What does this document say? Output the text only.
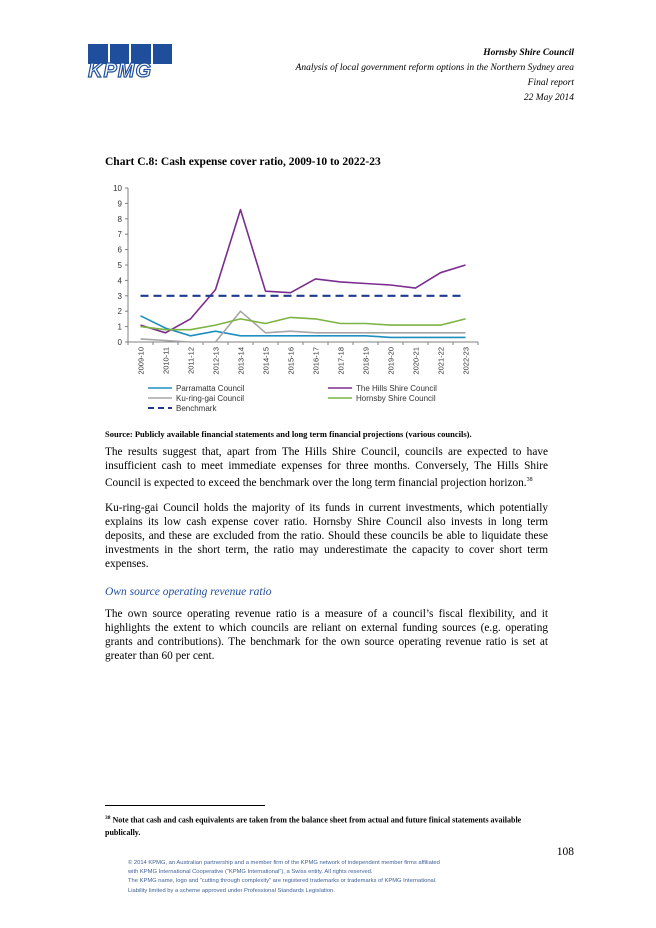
KPMG
Hornsby Shire Council
Analysis of local government reform options in the Northern Sydney area
Final report
22 May 2014
Chart C.8: Cash expense cover ratio, 2009-10 to 2022-23
0
1
2
3
4
5
6
7
8
9
10
2009-10 2010-11 2011-12 2012-13 2013-14 2014-15 2015-16 2016-17 2017-18 2018-19 2019-20 2020-21 2021-22 2022-23
Parramatta Council	The Hills Shire Council
Ku-ring-gai Council	Hornsby Shire Council
Benchmark
Source: Publicly available financial statements and long term financial projections (various councils).

The results suggest that, apart from The Hills Shire Council, councils are expected to have insufficient cash to meet immediate expenses for three months. Conversely, The Hills Shire Council is expected to exceed the benchmark over the long term financial projection horizon.$^{38}$

Ku-ring-gai Council holds the majority of its funds in current investments, which potentially explains its low cash expense cover ratio. Hornsby Shire Council also invests in long term deposits, and these are excluded from the ratio. Should these councils be able to liquidate these investments in the short term, the ratio may underestimate the capacity to cover short term expenses.

Own source operating revenue ratio

The own source operating revenue ratio is a measure of a council’s fiscal flexibility, and it highlights the extent to which councils are reliant on external funding sources (e.g. operating grants and contributions). The benchmark for the own source operating revenue ratio is set at greater than 60 per cent.

$^{38}$ Note that cash and cash equivalents are taken from the balance sheet from actual and future finical statements available publically.
108
© 2014 KPMG, an Australian partnership and a member firm of the KPMG network of independent member firms affiliated
with KPMG International Cooperative (“KPMG International”), a Swiss entity. All rights reserved.
The KPMG name, logo and “cutting through complexity” are registered trademarks or trademarks of KPMG International.
Liability limited by a scheme approved under Professional Standards Legislation.
